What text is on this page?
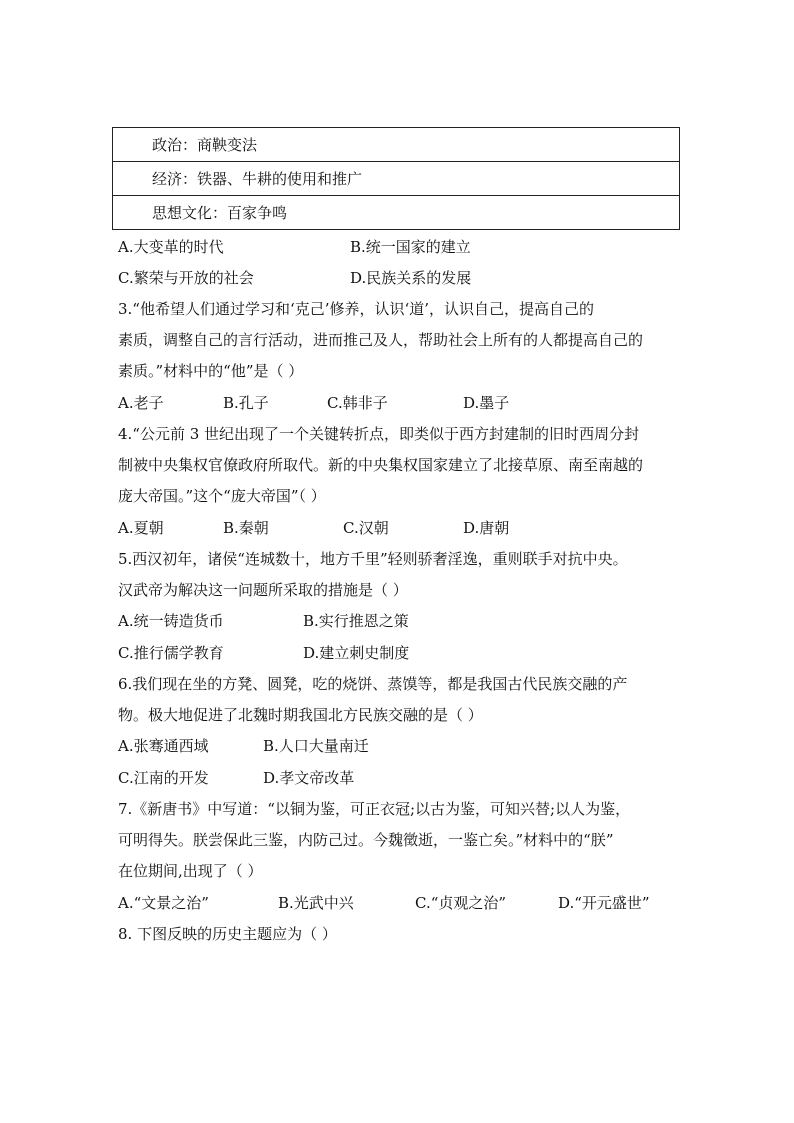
政治：商鞅变法
经济：铁器、牛耕的使用和推广
思想文化：百家争鸣
A.大变革的时代	B.统一国家的建立
C.繁荣与开放的社会	D.民族关系的发展
3.“他希望人们通过学习和‘克己’修养，认识‘道’，认识自己，提高自己的
素质，调整自己的言行活动，进而推己及人，帮助社会上所有的人都提高自己的
素质。”材料中的“他”是（ ）
A.老子	B.孔子	C.韩非子	D.墨子
4.“公元前 3 世纪出现了一个关键转折点，即类似于西方封建制的旧时西周分封
制被中央集权官僚政府所取代。新的中央集权国家建立了北接草原、南至南越的
庞大帝国。”这个“庞大帝国”（ ）
A.夏朝	B.秦朝	C.汉朝	D.唐朝
5.西汉初年，诸侯“连城数十，地方千里”轻则骄奢淫逸，重则联手对抗中央。
汉武帝为解决这一问题所采取的措施是（ ）
A.统一铸造货币	B.实行推恩之策
C.推行儒学教育	D.建立刺史制度
6.我们现在坐的方凳、圆凳，吃的烧饼、蒸馍等，都是我国古代民族交融的产
物。极大地促进了北魏时期我国北方民族交融的是（ ）
A.张骞通西域	B.人口大量南迁
C.江南的开发	D.孝文帝改革
7.《新唐书》中写道：“以铜为鉴，可正衣冠;以古为鉴，可知兴替;以人为鉴，
可明得失。朕尝保此三鉴，内防己过。今魏徵逝，一鉴亡矣。”材料中的“朕”
在位期间,出现了（ ）
A.“文景之治”	B.光武中兴	C.“贞观之治”	D.“开元盛世”
8. 下图反映的历史主题应为（ ）
